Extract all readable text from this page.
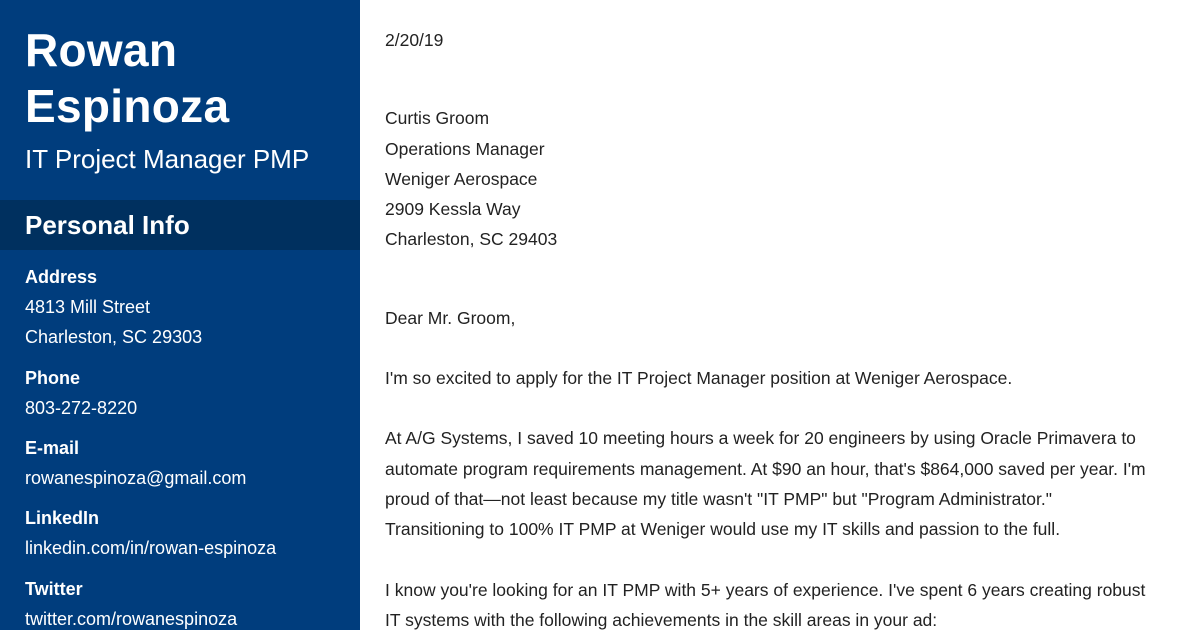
Rowan
Espinoza
IT Project Manager PMP
Personal Info
Address
4813 Mill Street
Charleston, SC 29303
Phone
803-272-8220
E-mail
rowanespinoza@gmail.com
LinkedIn
linkedin.com/in/rowan-espinoza
Twitter
twitter.com/rowanespinoza

2/20/19

Curtis Groom

Operations Manager

Weniger Aerospace

2909 Kessla Way

Charleston, SC 29403

Dear Mr. Groom,

I'm so excited to apply for the IT Project Manager position at Weniger Aerospace.

At A/G Systems, I saved 10 meeting hours a week for 20 engineers by using Oracle Primavera to

automate program requirements management. At $90 an hour, that's $864,000 saved per year. I'm

proud of that—not least because my title wasn't "IT PMP" but "Program Administrator."

Transitioning to 100% IT PMP at Weniger would use my IT skills and passion to the full.

I know you're looking for an IT PMP with 5+ years of experience. I've spent 6 years creating robust

IT systems with the following achievements in the skill areas in your ad:
